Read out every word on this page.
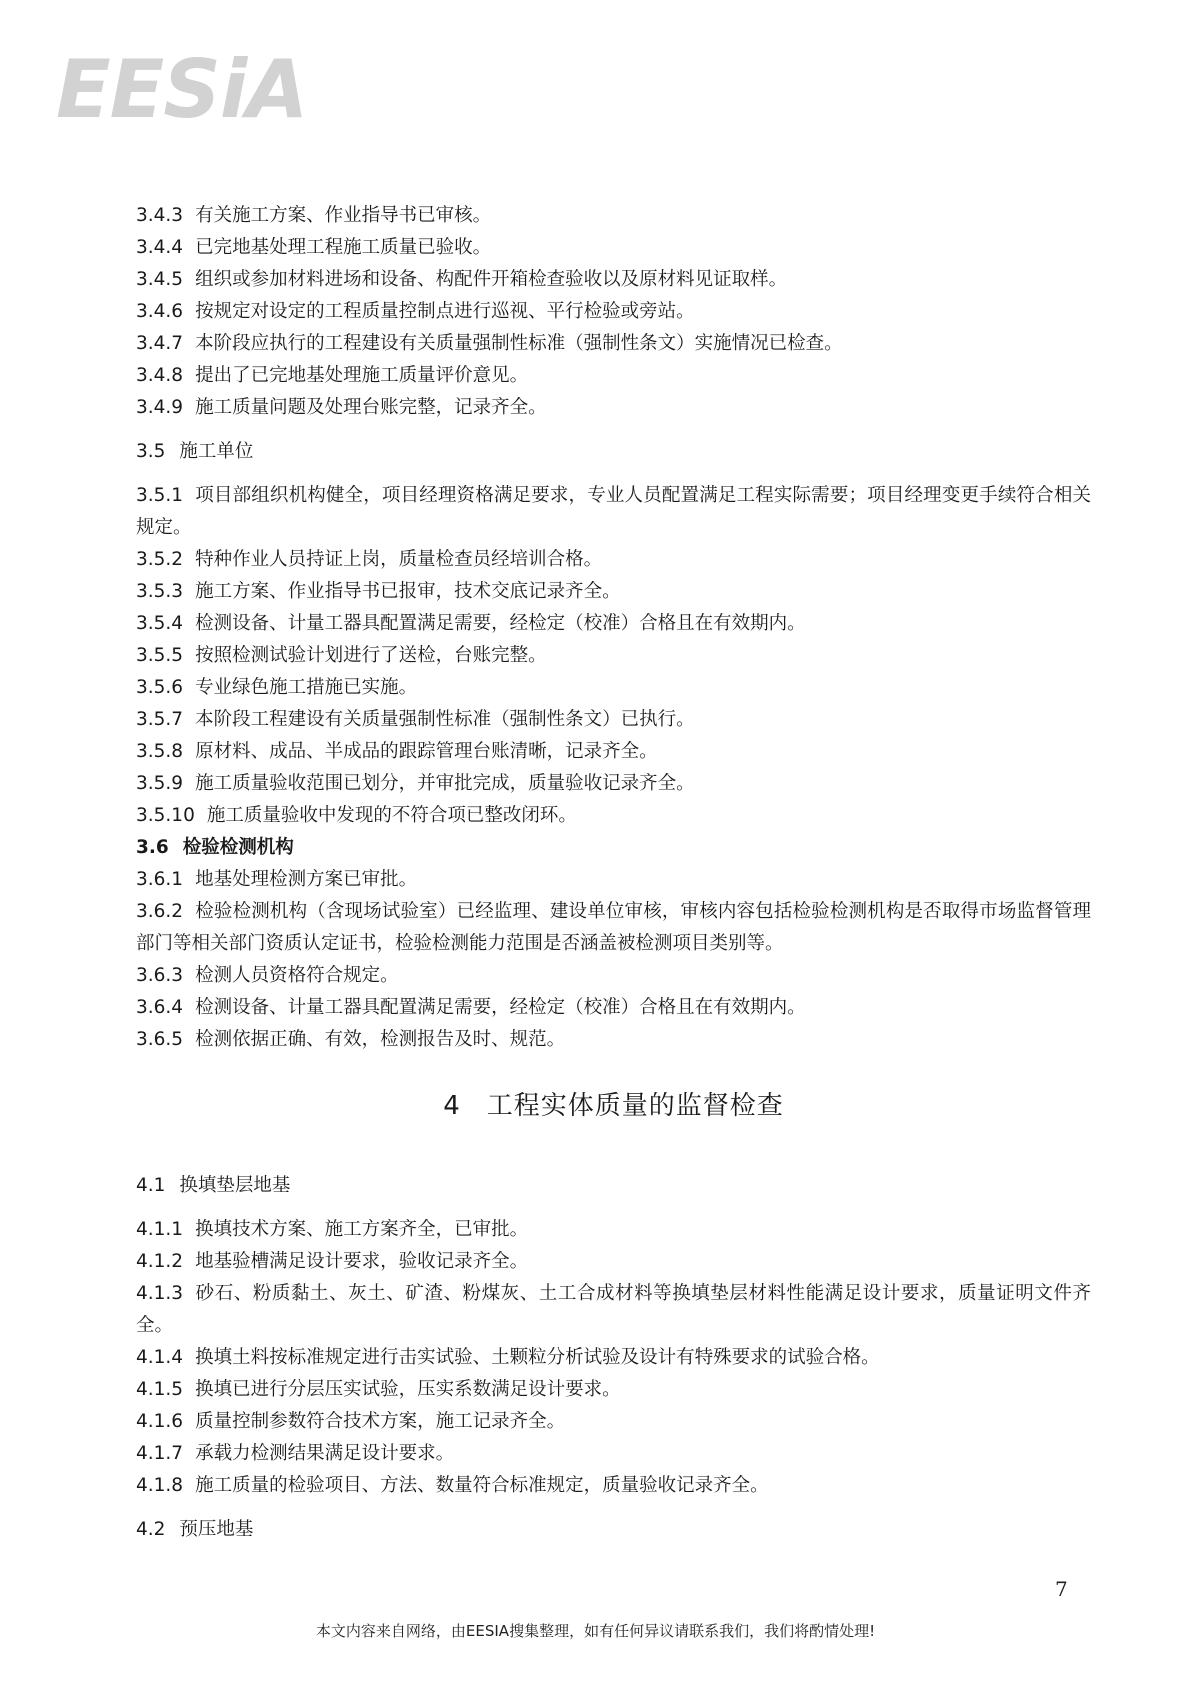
EESiA
3.4.3 有关施工方案、作业指导书已审核。
3.4.4 已完地基处理工程施工质量已验收。
3.4.5 组织或参加材料进场和设备、构配件开箱检查验收以及原材料见证取样。
3.4.6 按规定对设定的工程质量控制点进行巡视、平行检验或旁站。
3.4.7 本阶段应执行的工程建设有关质量强制性标准（强制性条文）实施情况已检查。
3.4.8 提出了已完地基处理施工质量评价意见。
3.4.9 施工质量问题及处理台账完整，记录齐全。
3.5 施工单位
3.5.1 项目部组织机构健全，项目经理资格满足要求，专业人员配置满足工程实际需要；项目经理变更手续符合相关规定。
3.5.2 特种作业人员持证上岗，质量检查员经培训合格。
3.5.3 施工方案、作业指导书已报审，技术交底记录齐全。
3.5.4 检测设备、计量工器具配置满足需要，经检定（校准）合格且在有效期内。
3.5.5 按照检测试验计划进行了送检，台账完整。
3.5.6 专业绿色施工措施已实施。
3.5.7 本阶段工程建设有关质量强制性标准（强制性条文）已执行。
3.5.8 原材料、成品、半成品的跟踪管理台账清晰，记录齐全。
3.5.9 施工质量验收范围已划分，并审批完成，质量验收记录齐全。
3.5.10 施工质量验收中发现的不符合项已整改闭环。
3.6 检验检测机构
3.6.1 地基处理检测方案已审批。
3.6.2 检验检测机构（含现场试验室）已经监理、建设单位审核，审核内容包括检验检测机构是否取得市场监督管理部门等相关部门资质认定证书，检验检测能力范围是否涵盖被检测项目类别等。
3.6.3 检测人员资格符合规定。
3.6.4 检测设备、计量工器具配置满足需要，经检定（校准）合格且在有效期内。
3.6.5 检测依据正确、有效，检测报告及时、规范。
4 工程实体质量的监督检查
4.1 换填垫层地基
4.1.1 换填技术方案、施工方案齐全，已审批。
4.1.2 地基验槽满足设计要求，验收记录齐全。
4.1.3 砂石、粉质黏土、灰土、矿渣、粉煤灰、土工合成材料等换填垫层材料性能满足设计要求，质量证明文件齐全。
4.1.4 换填土料按标准规定进行击实试验、土颗粒分析试验及设计有特殊要求的试验合格。
4.1.5 换填已进行分层压实试验，压实系数满足设计要求。
4.1.6 质量控制参数符合技术方案，施工记录齐全。
4.1.7 承载力检测结果满足设计要求。
4.1.8 施工质量的检验项目、方法、数量符合标准规定，质量验收记录齐全。
4.2 预压地基
7
本文内容来自网络，由EESIA搜集整理，如有任何异议请联系我们，我们将酌情处理!
